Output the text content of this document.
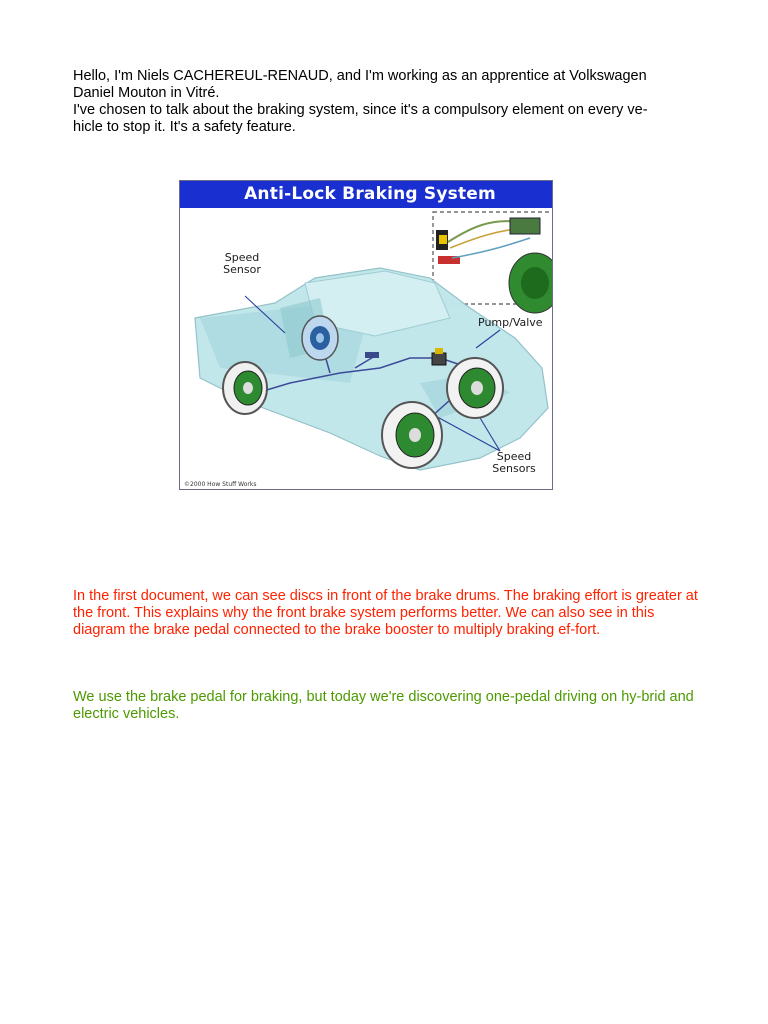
Hello, I'm Niels CACHEREUL-RENAUD, and I'm working as an apprentice at Volkswagen
Daniel Mouton in Vitré.
I've chosen to talk about the braking system, since it's a compulsory element on every ve-
hicle to stop it. It's a safety feature.

Anti-Lock Braking System
Speed
Sensor
Pump/Valve
Speed
Sensors
©2000 How Stuff Works

In the first document, we can see discs in front of the brake drums. The braking effort is greater at the front. This explains why the front brake system performs better. We can also see in this diagram the brake pedal connected to the brake booster to multiply braking ef-fort.

We use the brake pedal for braking, but today we're discovering one-pedal driving on hy-brid and electric vehicles.
